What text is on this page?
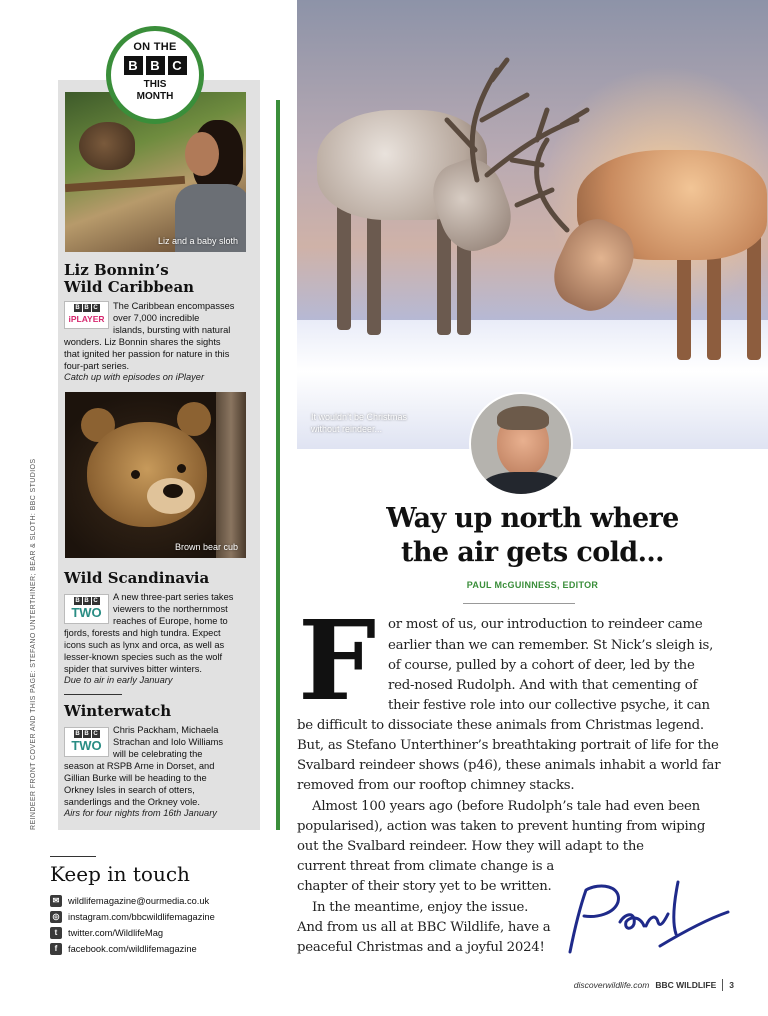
REINDEER FRONT COVER AND THIS PAGE: STEFANO UNTERTHINER; BEAR & SLOTH: BBC STUDIOS
ON THE
B B C
THIS
MONTH
Liz and a baby sloth
Liz Bonnin’s
Wild Caribbean
B B C
iPLAYER
The Caribbean encompasses
over 7,000 incredible
islands, bursting with natural
wonders. Liz Bonnin shares the sights
that ignited her passion for nature in this
four-part series.
Catch up with episodes on iPlayer
Brown bear cub
Wild Scandinavia
B B C
TWO
A new three-part series takes
viewers to the northernmost
reaches of Europe, home to
fjords, forests and high tundra. Expect
icons such as lynx and orca, as well as
lesser-known species such as the wolf
spider that survives bitter winters.
Due to air in early January
Winterwatch
B B C
TWO
Chris Packham, Michaela
Strachan and Iolo Williams
will be celebrating the
season at RSPB Arne in Dorset, and
Gillian Burke will be heading to the
Orkney Isles in search of otters,
sanderlings and the Orkney vole.
Airs for four nights from 16th January
Keep in touch
✉ wildlifemagazine@ourmedia.co.uk
◎ instagram.com/bbcwildlifemagazine
t	twitter.com/WildlifeMag
f	facebook.com/wildlifemagazine
It wouldn’t be Christmas
without reindeer...
Way up north where
the air gets cold...
PAUL McGUINNESS, EDITOR
F or most of us, our introduction to reindeer came
earlier than we can remember. St Nick’s sleigh is,
of course, pulled by a cohort of deer, led by the
red-nosed Rudolph. And with that cementing of
their festive role into our collective psyche, it can
be difficult to dissociate these animals from Christmas legend.
But, as Stefano Unterthiner’s breathtaking portrait of life for the
Svalbard reindeer shows (p46), these animals inhabit a world far
removed from our rooftop chimney stacks.
Almost 100 years ago (before Rudolph’s tale had even been
popularised), action was taken to prevent hunting from wiping
out the Svalbard reindeer. How they will adapt to the
current threat from climate change is a
chapter of their story yet to be written.
In the meantime, enjoy the issue.
And from us all at BBC Wildlife, have a
peaceful Christmas and a joyful 2024!
discoverwildlife.com BBC WILDLIFE 3
